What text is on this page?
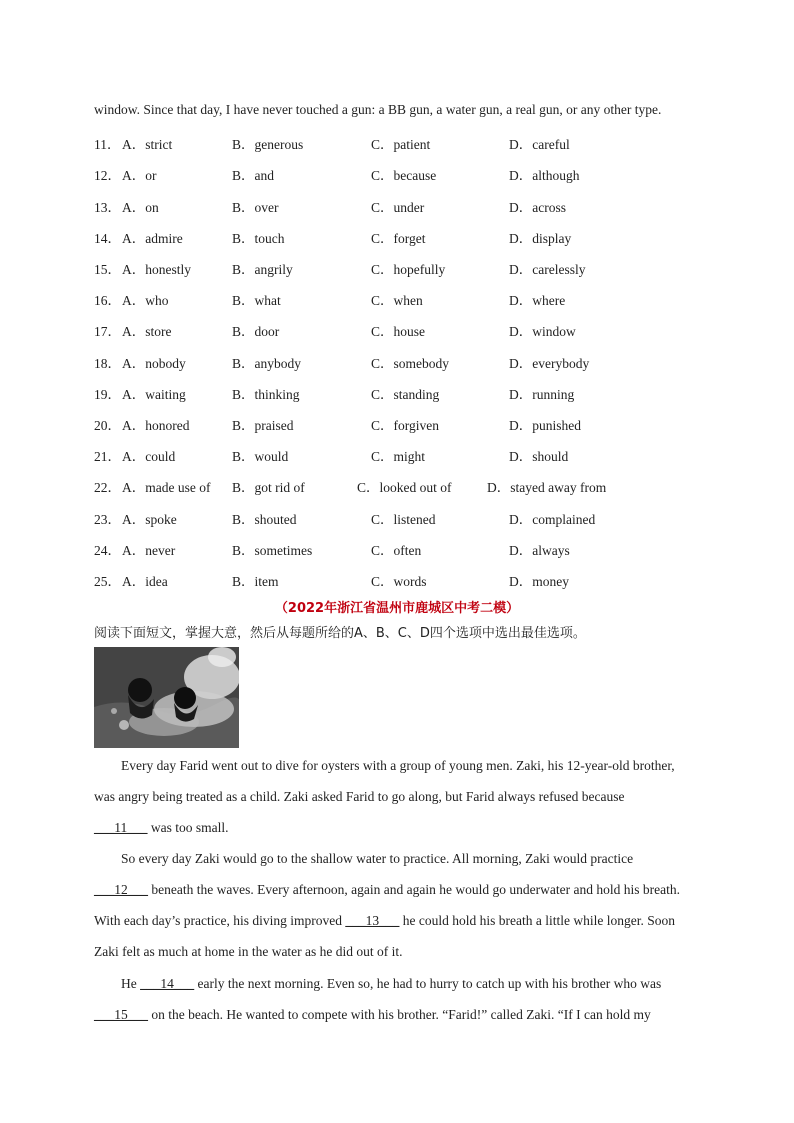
window. Since that day, I have never touched a gun: a BB gun, a water gun, a real gun, or any other type.
11． A．strict	B．generous	C．patient	D．careful
12． A．or	B．and	C．because	D．although
13． A．on	B．over	C．under	D．across
14． A．admire	B．touch	C．forget	D．display
15． A．honestly	B．angrily	C．hopefully	D．carelessly
16． A．who	B．what	C．when	D．where
17． A．store	B．door	C．house	D．window
18． A．nobody	B．anybody	C．somebody	D．everybody
19． A．waiting	B．thinking	C．standing	D．running
20． A．honored	B．praised	C．forgiven	D．punished
21． A．could	B．would	C．might	D．should
22． A．made use of B．got rid of	C．looked out of	D．stayed away from
23． A．spoke	B．shouted	C．listened	D．complained
24． A．never	B．sometimes	C．often	D．always
25． A．idea	B．item	C．words	D．money
（2022年浙江省温州市鹿城区中考二模）
阅读下面短文，掌握大意，然后从每题所给的A、B、C、D四个选项中选出最佳选项。
Every day Farid went out to dive for oysters with a group of young men. Zaki, his 12-year-old brother,
was angry being treated as a child. Zaki asked Farid to go along, but Farid always refused because
___11___ was too small.
So every day Zaki would go to the shallow water to practice. All morning, Zaki would practice
___12___ beneath the waves. Every afternoon, again and again he would go underwater and hold his breath.
With each day’s practice, his diving improved ___13___ he could hold his breath a little while longer. Soon
Zaki felt as much at home in the water as he did out of it.
He ___14___ early the next morning. Even so, he had to hurry to catch up with his brother who was
___15___ on the beach. He wanted to compete with his brother. “Farid!” called Zaki. “If I can hold my
